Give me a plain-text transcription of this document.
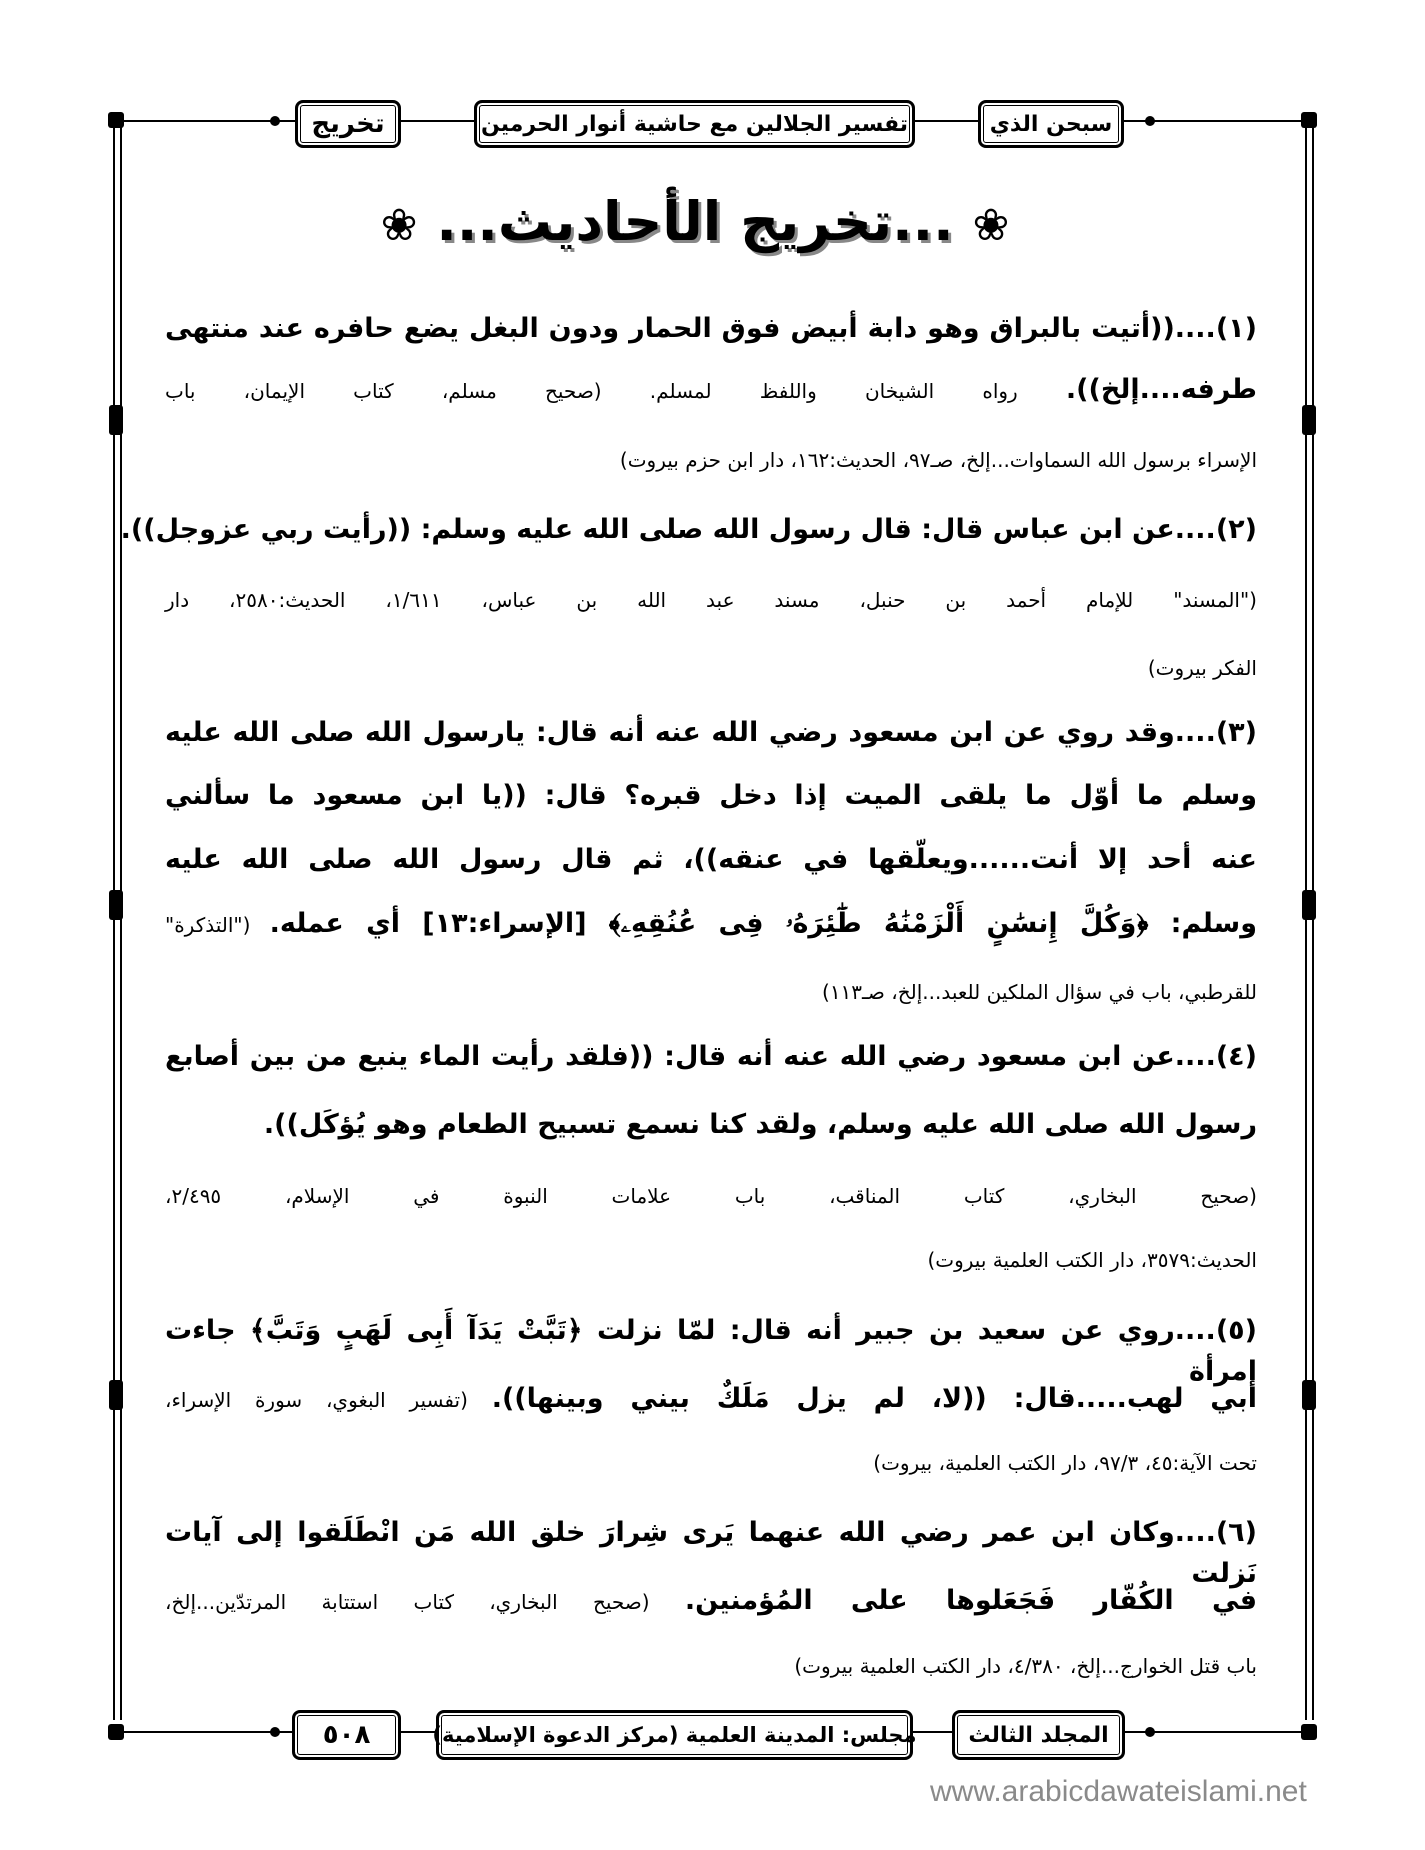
تخريج	تفسير الجلالين مع حاشية أنوار الحرمين	سبحن الذي
❀ ...تخريج الأحاديث... ❀
(١)....((أتيت بالبراق وهو دابة أبيض فوق الحمار ودون البغل يضع حافره عند منتهى
طرفه....إلخ)). رواه الشيخان واللفظ لمسلم. (صحيح مسلم، كتاب الإيمان، باب
الإسراء برسول الله السماوات...إلخ، صـ٩٧، الحديث:١٦٢، دار ابن حزم بيروت)
(٢)....عن ابن عباس قال: قال رسول الله صلى الله عليه وسلم: ((رأيت ربي عزوجل)).
("المسند" للإمام أحمد بن حنبل، مسند عبد الله بن عباس، ١/٦١١، الحديث:٢٥٨٠، دار
الفكر بيروت)
(٣)....وقد روي عن ابن مسعود رضي الله عنه أنه قال: يارسول الله صلى الله عليه
وسلم ما أوّل ما يلقى الميت إذا دخل قبره؟ قال: ((يا ابن مسعود ما سألني
عنه أحد إلا أنت......ويعلّقها في عنقه))، ثم قال رسول الله صلى الله عليه
وسلم: ﴿وَكُلَّ إِنسَٰنٍ أَلْزَمْنَٰهُ طَٰٓئِرَهُۥ فِى عُنُقِهِۦ﴾ [الإسراء:١٣] أي عمله. ("التذكرة"
للقرطبي، باب في سؤال الملكين للعبد...إلخ، صـ١١٣)
(٤)....عن ابن مسعود رضي الله عنه أنه قال: ((فلقد رأيت الماء ينبع من بين أصابع
رسول الله صلى الله عليه وسلم، ولقد كنا نسمع تسبيح الطعام وهو يُؤكَل)).
(صحيح البخاري، كتاب المناقب، باب علامات النبوة في الإسلام، ٢/٤٩٥،
الحديث:٣٥٧٩، دار الكتب العلمية بيروت)
(٥)....روي عن سعيد بن جبير أنه قال: لمّا نزلت ﴿تَبَّتْ يَدَآ أَبِى لَهَبٍ وَتَبَّ﴾ جاءت امرأة
أبي لهب.....قال: ((لا، لم يزل مَلَكٌ بيني وبينها)). (تفسير البغوي، سورة الإسراء،
تحت الآية:٤٥، ٩٧/٣، دار الكتب العلمية، بيروت)
(٦)....وكان ابن عمر رضي الله عنهما يَرى شِرارَ خلق الله مَن انْطَلَقوا إلى آيات نَزلت
في الكُفّار فَجَعَلوها على المُؤمنين. (صحيح البخاري، كتاب استتابة المرتدّين...إلخ،
باب قتل الخوارج...إلخ، ٤/٣٨٠، دار الكتب العلمية بيروت)
٥٠٨	مجلس: المدينة العلمية (مركز الدعوة الإسلامية)	المجلد الثالث
www.arabicdawateislami.net
